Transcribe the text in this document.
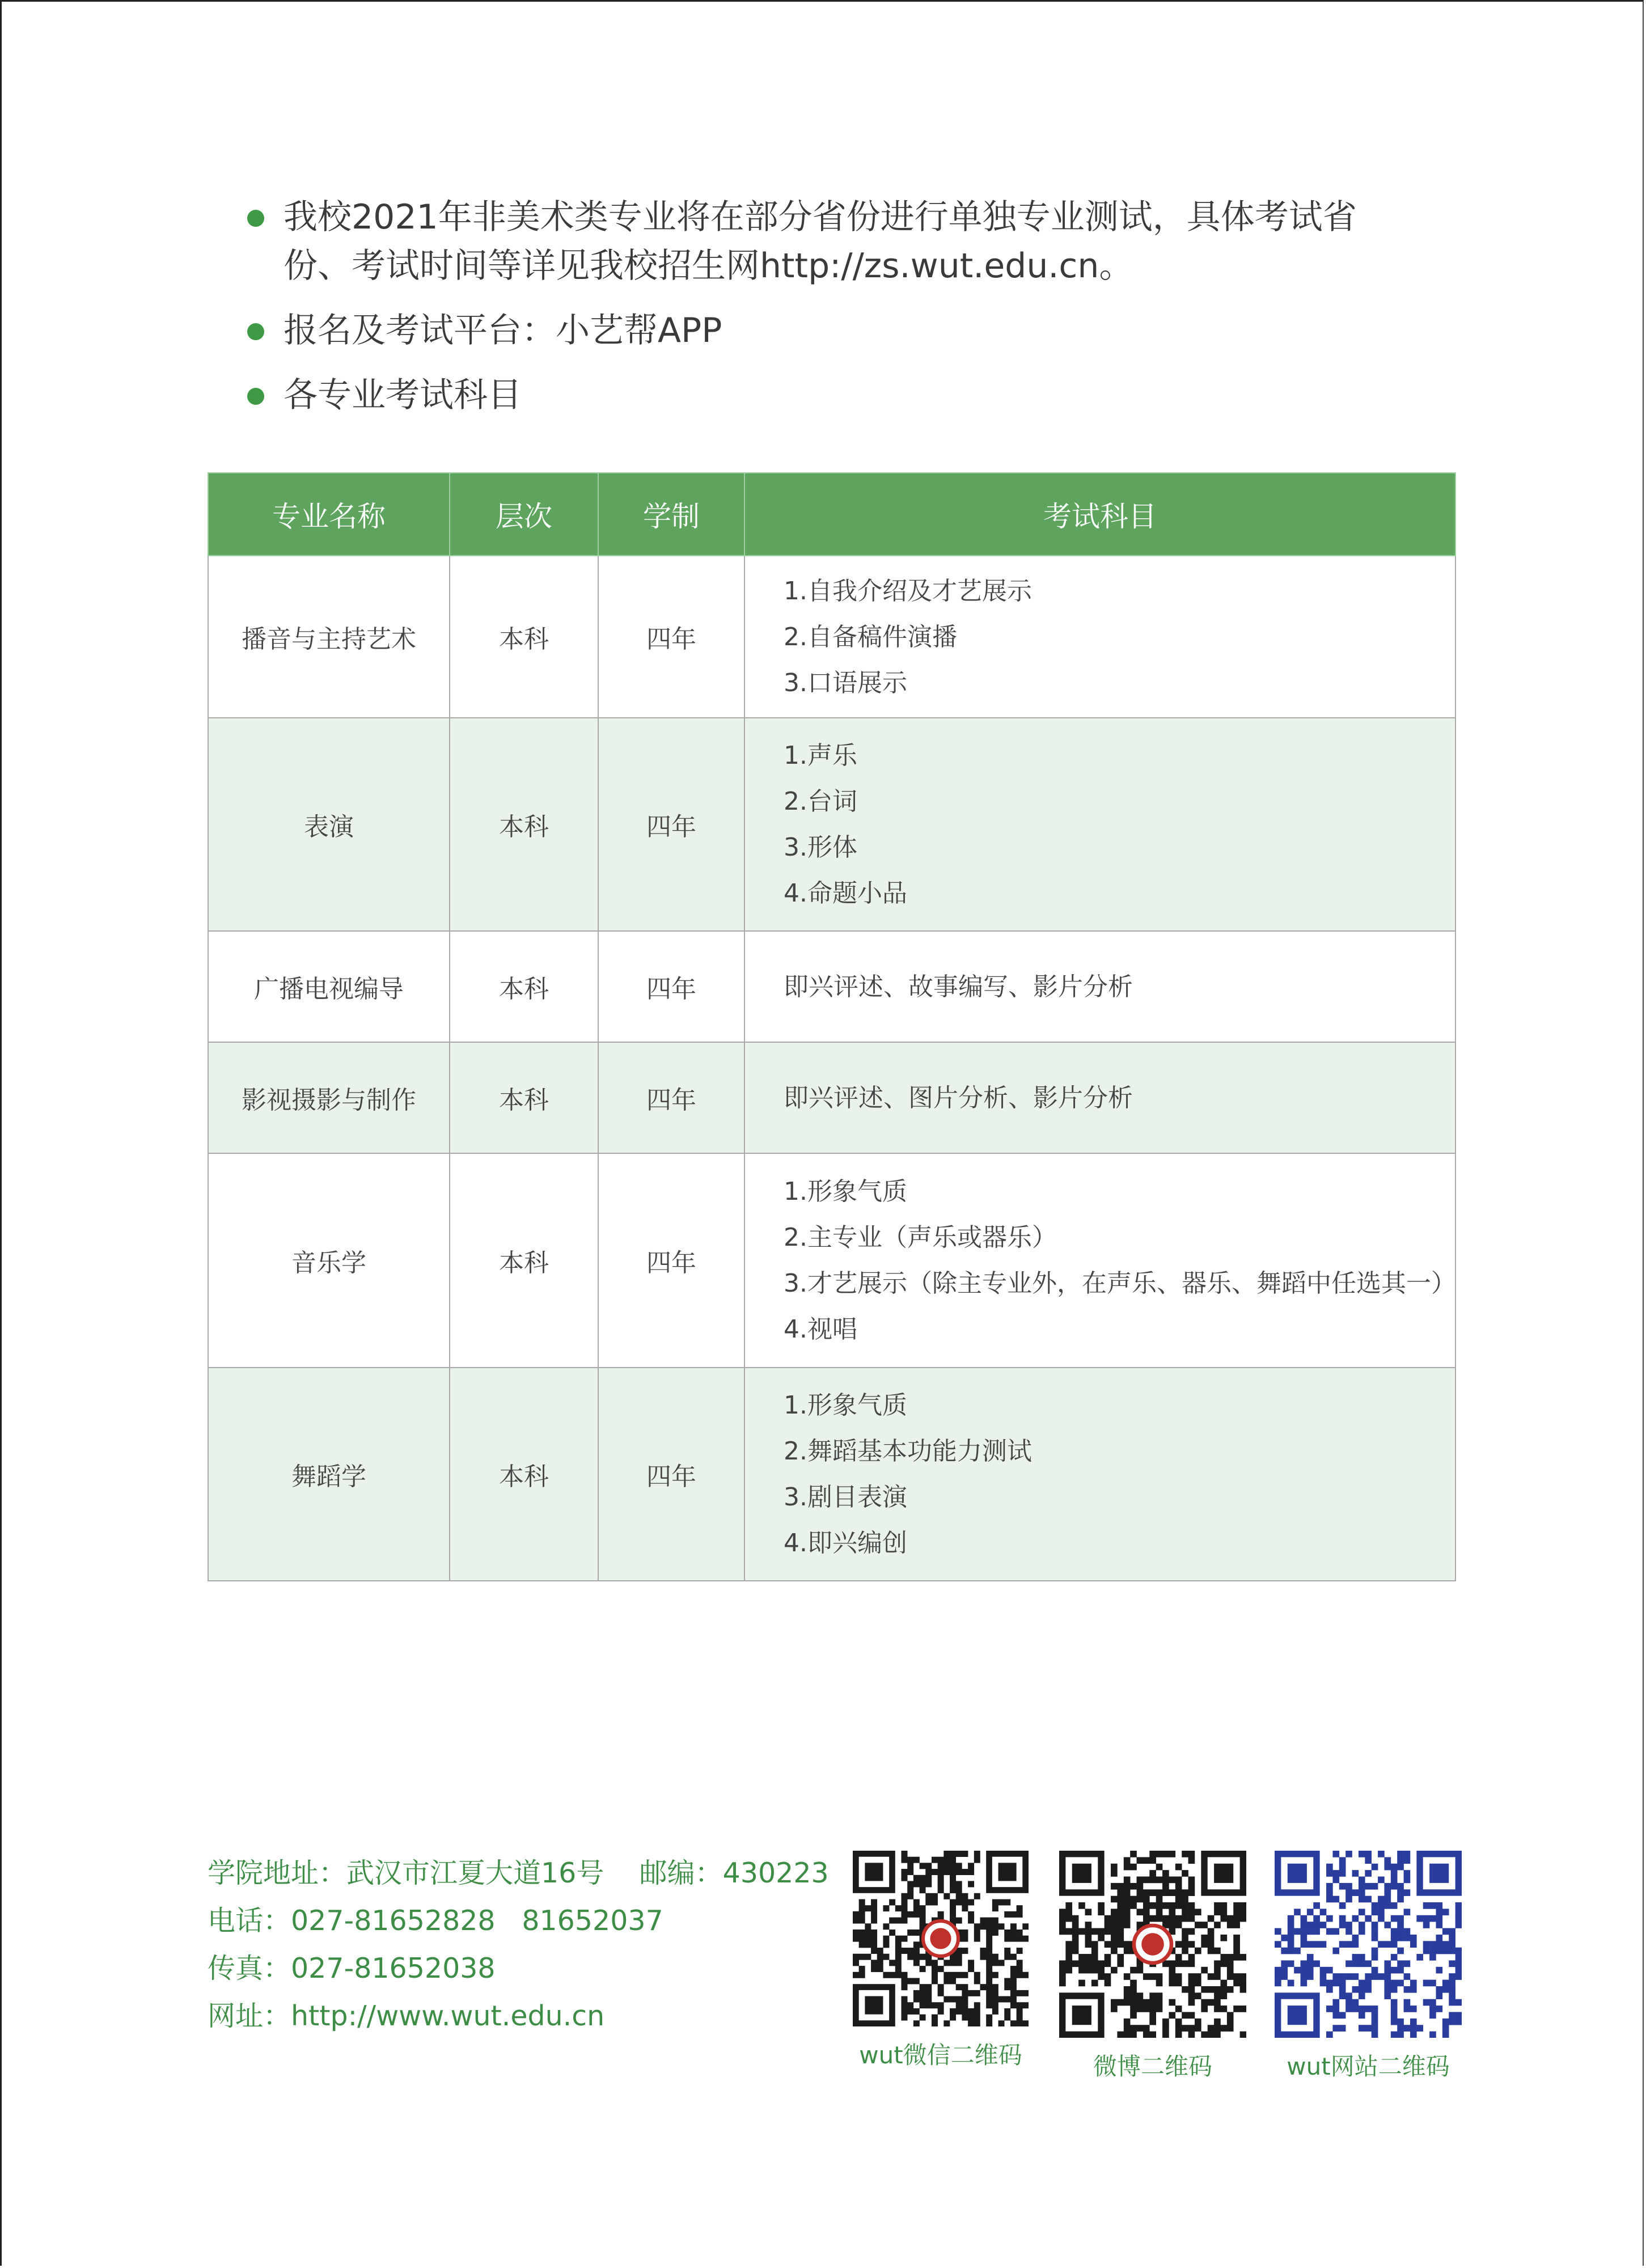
我校2021年非美术类专业将在部分省份进行单独专业测试，具体考试省
份、考试时间等详见我校招生网http://zs.wut.edu.cn。
报名及考试平台：小艺帮APP
各专业考试科目
专业名称	层次	学制	考试科目
播音与主持艺术	本科	四年	1.自我介绍及才艺展示
2.自备稿件演播
3.口语展示

表演	本科	四年	1.声乐
2.台词
3.形体
4.命题小品

广播电视编导	本科	四年	即兴评述、故事编写、影片分析

影视摄影与制作	本科	四年	即兴评述、图片分析、影片分析

音乐学	本科	四年	1.形象气质
2.主专业（声乐或器乐）
3.才艺展示（除主专业外，在声乐、器乐、舞蹈中任选其一）
4.视唱

舞蹈学	本科	四年	1.形象气质
2.舞蹈基本功能力测试
3.剧目表演
4.即兴编创
学院地址：武汉市江夏大道16号    邮编：430223
电话：027-81652828   81652037
传真：027-81652038
网址：http://www.wut.edu.cn
wut微信二维码	微博二维码	wut网站二维码
